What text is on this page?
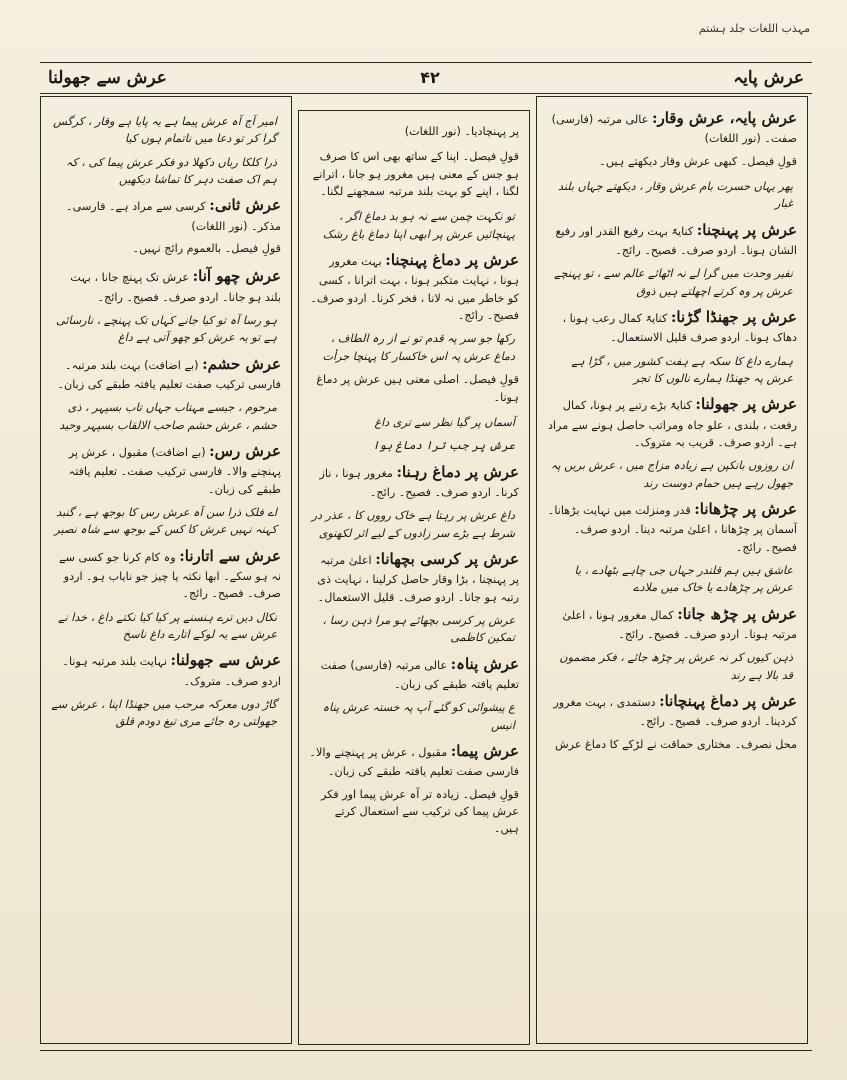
مہذب اللغات جلد ہشتم
عرش پایہ
۴۲
عرش سے جھولنا
عرش پایہ، عرش وقار: عالی مرتبہ (فارسی) صفت۔ (نور اللغات)
قولِ فیصل۔ کبھی عرش وقار دیکھتے ہیں۔
پھر یہاں حسرت بام عرش وقار ، دیکھتے جہاں بلند غبار
عرش پر پہنچنا: کنایۃً بہت رفیع القدر اور رفیع الشان ہونا۔ اردو صرف۔ فصیح۔ رائج۔
نفیر وحدت میں گرا لے نہ اٹھائے عالم سے ، تو پہنچے عرش پر وہ کرتے اچھلتے ہیں ذوق
عرش پر جھنڈا گڑنا: کنایۃً کمال رعب ہونا ، دھاک ہونا۔ اردو صرف قلیل الاستعمال۔
ہمارے داغ کا سکہ ہے ہفت کشور میں ، گڑا ہے عرش پہ جھنڈا ہمارے نالوں کا تجر
عرش پر جھولنا: کنایۃً بڑے رتبے پر ہونا، کمال رفعت ، بلندی ، علو جاہ ومراتب حاصل ہونے سے مراد ہے۔ اردو صرف۔ قریب بہ متروک۔
ان روزوں بانکپن ہے زیادہ مزاج میں ، عرش بریں پہ جھول رہے ہیں حمام دوست رند
عرش پر چڑھانا: قدر ومنزلت میں نہایت بڑھانا۔ آسمان پر چڑھانا ، اعلیٰ مرتبہ دینا۔ اردو صرف۔ فصیح۔ رائج۔
عاشق ہیں ہم قلندر جہاں جی چاہے بٹھادے ، یا عرش پر چڑھادے یا خاک میں ملادے
عرش پر چڑھ جانا: کمال مغرور ہونا ، اعلیٰ مرتبہ ہونا۔ اردو صرف۔ فصیح۔ رائج۔
ذہن کیوں کر نہ عرش پر چڑھ جائے ، فکر مضمون قد بالا ہے رند
عرش پر دماغ پہنچانا: دستمدی ، بہت مغرور کردینا۔ اردو صرف۔ فصیح۔ رائج۔
محل نصرف۔ مختاری حماقت نے لڑکے کا دماغ عرش
پر پہنچادیا۔ (نور اللغات)
قولِ فیصل۔ اپنا کے ساتھ بھی اس کا صرف ہو جس کے معنی ہیں مغرور ہو جانا ، اترانے لگنا ، اپنے کو بہت بلند مرتبہ سمجھنے لگنا۔
تو نکہت چمن سے نہ ہو بد دماغ اگر ، پہنچائیں عرش پر ابھی اپنا دماغ باغ رشک
عرش پر دماغ پہنچنا: بہت مغرور ہونا ، نہایت متکبر ہونا ، بہت اترانا ، کسی کو خاطر میں نہ لانا ، فخر کرنا۔ اردو صرف۔ فصیح۔ رائج۔
رکھا جو سر پہ قدم تو نے از رہ الطاف ، دماغ عرش پہ اس خاکسار کا پہنچا جرأت
قولِ فیصل۔ اصلی معنی ہیں عرش پر دماغ ہونا۔
آسماں پر گیا نظر سے تری داغ
عرش پر جب ترا دماغ ہوا
عرش پر دماغ رہنا: مغرور ہونا ، ناز کرنا۔ اردو صرف۔ فصیح۔ رائج۔
داغ عرش پر رہتا ہے خاک رووں کا ، عذر در شرط ہے بڑے سر زادوں کے لیے اثر لکھنوی
عرش پر کرسی بچھانا: اعلیٰ مرتبہ پر پہنچنا ، بڑا وقار حاصل کرلینا ، نہایت ذی رتبہ ہو جانا۔ اردو صرف۔ قلیل الاستعمال۔
عرش پر کرسی بچھائے ہو مرا ذہن رسا ، تمکین کاظمی
عرش پناہ: عالی مرتبہ (فارسی) صفت تعلیم یافتہ طبقے کی زبان۔
ع پیشوائی کو گئے آپ پہ خستہ عرش پناہ انیس
عرش پیما: مقبول ، عرش پر پہنچنے والا۔ فارسی صفت تعلیم یافتہ طبقے کی زبان۔
قولِ فیصل۔ زیادہ تر آہ عرش پیما اور فکر عرش پیما کی ترکیب سے استعمال کرتے ہیں۔
امیر آج آہ عرش پیما ہے یہ پایا ہے وقار ، کرگس گرا کر تو دعا میں ناتمام ہوں کیا
ذرا کلکا رباں دکھلا دو فکر عرش پیما کی ، کہ ہم اک صفت دہر کا تماشا دیکھیں
عرش ثانی: کرسی سے مراد ہے۔ فارسی۔ مذکر۔ (نور اللغات)
قولِ فیصل۔ بالعموم رائج نہیں۔
عرش چھو آنا: عرش تک پہنچ جانا ، بہت بلند ہو جانا۔ اردو صرف۔ فصیح۔ رائج۔
ہو رسا آہ تو کیا جانے کہاں تک پہنچے ، نارسائی ہے تو یہ عرش کو چھو آتی ہے داغ
عرش حشم: (بے اضافت) بہت بلند مرتبہ۔ فارسی ترکیب صفت تعلیم یافتہ طبقے کی زبان۔
مرحوم ، جیسے مہتاب جہاں تاب بسپہر ، ذی حشم ، عرش حشم صاحب الالقاب بسپہر وحید
عرش رس: (بے اضافت) مقبول ، عرش پر پہنچنے والا۔ فارسی ترکیب صفت۔ تعلیم یافتہ طبقے کی زبان۔
اے فلک ذرا سن آہ عرش رس کا بوجھ ہے ، گنبد کہنہ نہیں عرش کا کس کے بوجھ سے شاہ نصیر
عرش سے اتارنا: وہ کام کرنا جو کسی سے نہ ہو سکے۔ ابھا نکتہ یا چیز جو نایاب ہو۔ اردو صرف۔ فصیح۔ رائج۔
نکال دیں ترے ہنسنے پر کیا کیا نکتے داغ ، خدا نے عرش سے یہ لوکے اتارے داغ ناسخ
عرش سے جھولنا: نہایت بلند مرتبہ ہونا۔ اردو صرف۔ متروک۔
گاڑ دوں معرکہ مرحب میں جھنڈا اپنا ، عرش سے جھولتی رہ جائے مری تیغ دودم قلق
